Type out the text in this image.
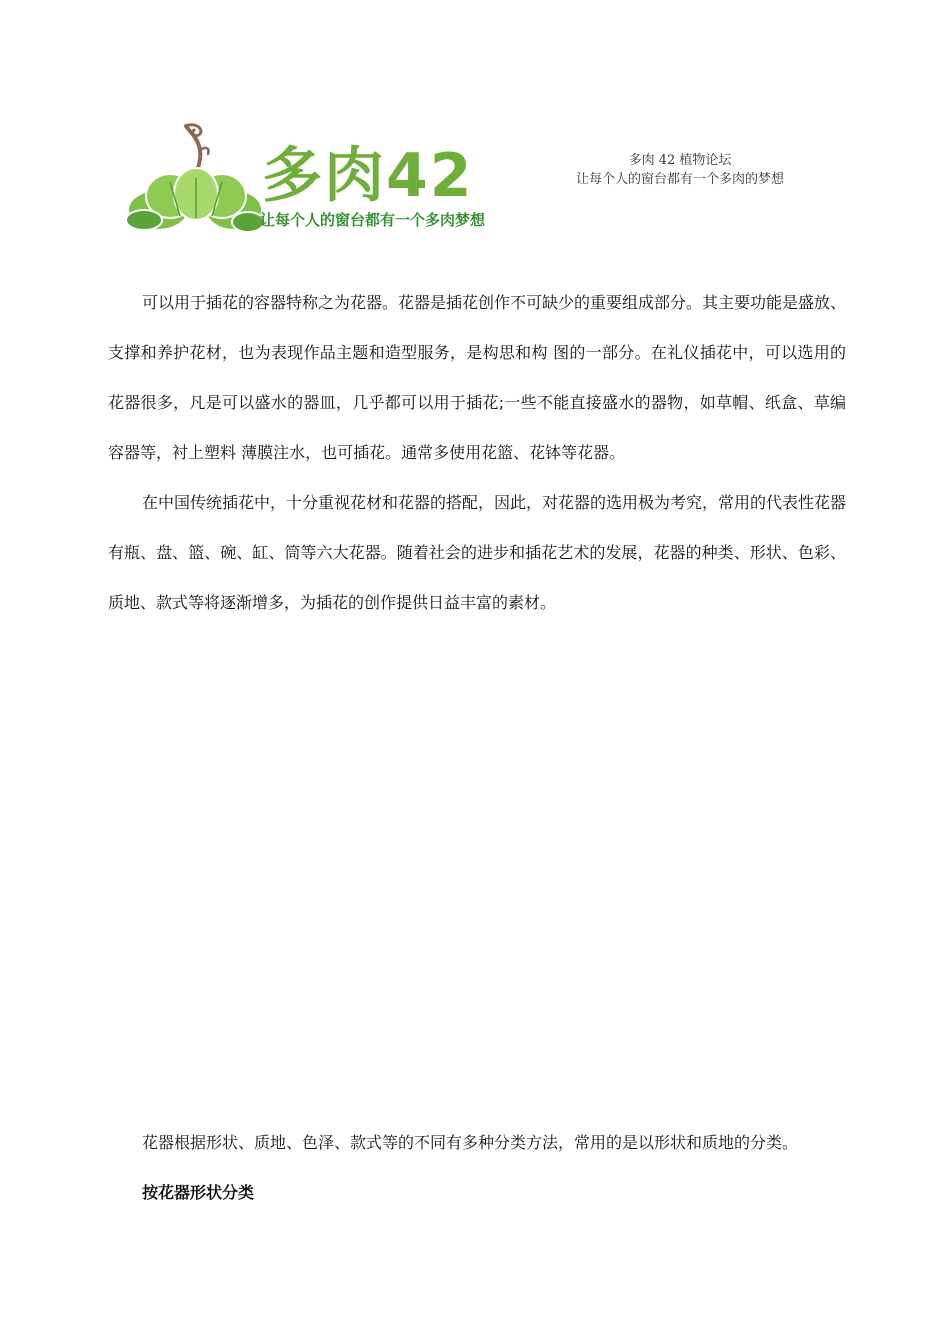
多肉42
让每个人的窗台都有一个多肉梦想
多肉 42 植物论坛
让每个人的窗台都有一个多肉的梦想

可以用于插花的容器特称之为花器。花器是插花创作不可缺少的重要组成部分。其主要功能是盛放、支撑和养护花材，也为表现作品主题和造型服务，是构思和构 图的一部分。在礼仪插花中，可以选用的花器很多，凡是可以盛水的器皿，几乎都可以用于插花;一些不能直接盛水的器物，如草帽、纸盒、草编容器等，衬上塑料 薄膜注水，也可插花。通常多使用花篮、花钵等花器。

在中国传统插花中，十分重视花材和花器的搭配，因此，对花器的选用极为考究，常用的代表性花器有瓶、盘、篮、碗、缸、筒等六大花器。随着社会的进步和插花艺术的发展，花器的种类、形状、色彩、质地、款式等将逐渐增多，为插花的创作提供日益丰富的素材。

花器根据形状、质地、色泽、款式等的不同有多种分类方法，常用的是以形状和质地的分类。

按花器形状分类
